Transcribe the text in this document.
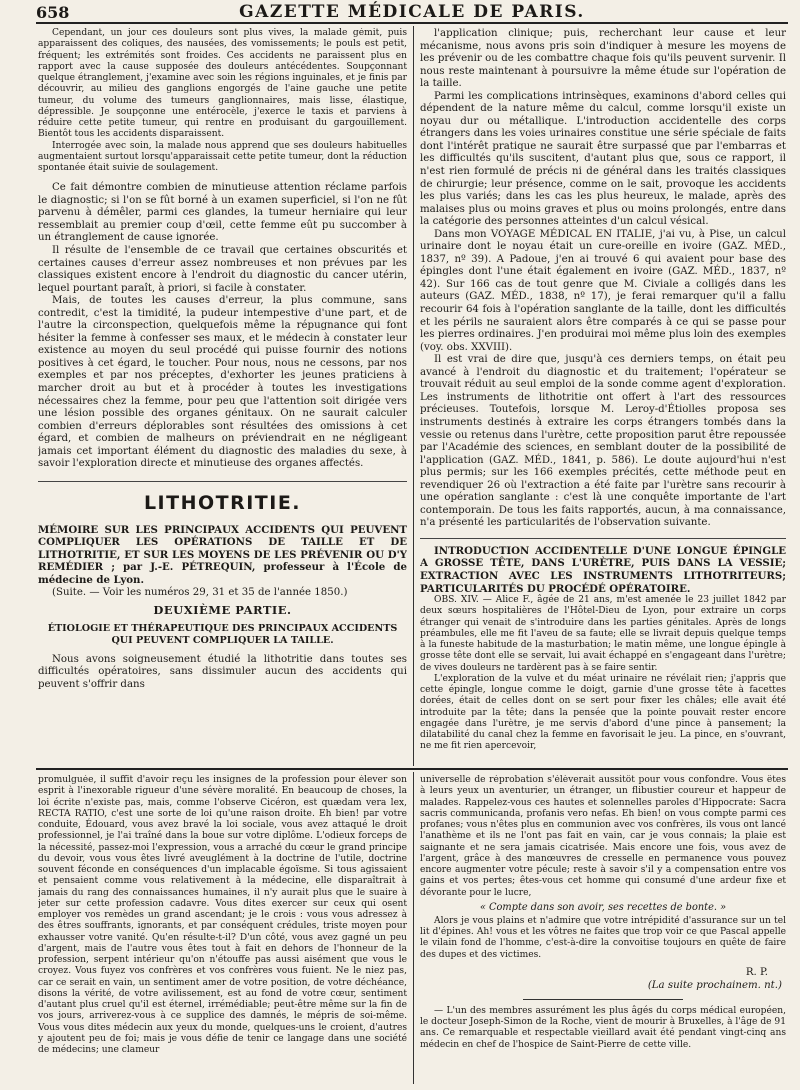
658	GAZETTE MÉDICALE DE PARIS.

Cependant, un jour ces douleurs sont plus vives, la malade gémit, puis apparaissent des coliques, des nausées, des vomissements; le pouls est petit, fréquent; les extrémités sont froides. Ces accidents ne paraissent plus en rapport avec la cause supposée des douleurs antécédentes. Soupçonnant quelque étranglement, j'examine avec soin les régions inguinales, et je finis par découvrir, au milieu des ganglions engorgés de l'aine gauche une petite tumeur, du volume des tumeurs ganglionnaires, mais lisse, élastique, dépressible. Je soupçonne une entérocèle, j'exerce le taxis et parviens à réduire cette petite tumeur, qui rentre en produisant du gargouillement. Bientôt tous les accidents disparaissent.

Interrogée avec soin, la malade nous apprend que ses douleurs habituelles augmentaient surtout lorsqu'apparaissait cette petite tumeur, dont la réduction spontanée était suivie de soulagement.

Ce fait démontre combien de minutieuse attention réclame parfois le diagnostic; si l'on se fût borné à un examen superficiel, si l'on ne fût parvenu à démêler, parmi ces glandes, la tumeur herniaire qui leur ressemblait au premier coup d'œil, cette femme eût pu succomber à un étranglement de cause ignorée.

Il résulte de l'ensemble de ce travail que certaines obscurités et certaines causes d'erreur assez nombreuses et non prévues par les classiques existent encore à l'endroit du diagnostic du cancer utérin, lequel pourtant paraît, à priori, si facile à constater.

Mais, de toutes les causes d'erreur, la plus commune, sans contredit, c'est la timidité, la pudeur intempestive d'une part, et de l'autre la circonspection, quelquefois même la répugnance qui font hésiter la femme à confesser ses maux, et le médecin à constater leur existence au moyen du seul procédé qui puisse fournir des notions positives à cet égard, le toucher. Pour nous, nous ne cessons, par nos exemples et par nos préceptes, d'exhorter les jeunes praticiens à marcher droit au but et à procéder à toutes les investigations nécessaires chez la femme, pour peu que l'attention soit dirigée vers une lésion possible des organes génitaux. On ne saurait calculer combien d'erreurs déplorables sont résultées des omissions à cet égard, et combien de malheurs on préviendrait en ne négligeant jamais cet important élément du diagnostic des maladies du sexe, à savoir l'exploration directe et minutieuse des organes affectés.

LITHOTRITIE.

MÉMOIRE SUR LES PRINCIPAUX ACCIDENTS QUI PEUVENT COMPLIQUER LES OPÉRATIONS DE TAILLE ET DE LITHOTRITIE, ET SUR LES MOYENS DE LES PRÉVENIR OU D'Y REMÉDIER ; par J.-E. PÉTREQUIN, professeur à l'École de médecine de Lyon.

(Suite. — Voir les numéros 29, 31 et 35 de l'année 1850.)

DEUXIÈME PARTIE.
ÉTIOLOGIE ET THÉRAPEUTIQUE DES PRINCIPAUX ACCIDENTS QUI PEUVENT COMPLIQUER LA TAILLE.

Nous avons soigneusement étudié la lithotritie dans toutes ses difficultés opératoires, sans dissimuler aucun des accidents qui peuvent s'offrir dans

l'application clinique; puis, recherchant leur cause et leur mécanisme, nous avons pris soin d'indiquer à mesure les moyens de les prévenir ou de les combattre chaque fois qu'ils peuvent survenir. Il nous reste maintenant à poursuivre la même étude sur l'opération de la taille.

Parmi les complications intrinsèques, examinons d'abord celles qui dépendent de la nature même du calcul, comme lorsqu'il existe un noyau dur ou métallique. L'introduction accidentelle des corps étrangers dans les voies urinaires constitue une série spéciale de faits dont l'intérêt pratique ne saurait être surpassé que par l'embarras et les difficultés qu'ils suscitent, d'autant plus que, sous ce rapport, il n'est rien formulé de précis ni de général dans les traités classiques de chirurgie; leur présence, comme on le sait, provoque les accidents les plus variés; dans les cas les plus heureux, le malade, après des malaises plus ou moins graves et plus ou moins prolongés, entre dans la catégorie des personnes atteintes d'un calcul vésical.

Dans mon VOYAGE MÉDICAL EN ITALIE, j'ai vu, à Pise, un calcul urinaire dont le noyau était un cure-oreille en ivoire (GAZ. MÉD., 1837, nº 39). A Padoue, j'en ai trouvé 6 qui avaient pour base des épingles dont l'une était également en ivoire (GAZ. MÉD., 1837, nº 42). Sur 166 cas de tout genre que M. Civiale a colligés dans les auteurs (GAZ. MÉD., 1838, nº 17), je ferai remarquer qu'il a fallu recourir 64 fois à l'opération sanglante de la taille, dont les difficultés et les périls ne sauraient alors être comparés à ce qui se passe pour les pierres ordinaires. J'en produirai moi même plus loin des exemples (voy. obs. XXVIII).

Il est vrai de dire que, jusqu'à ces derniers temps, on était peu avancé à l'endroit du diagnostic et du traitement; l'opérateur se trouvait réduit au seul emploi de la sonde comme agent d'exploration. Les instruments de lithotritie ont offert à l'art des ressources précieuses. Toutefois, lorsque M. Leroy-d'Étiolles proposa ses instruments destinés à extraire les corps étrangers tombés dans la vessie ou retenus dans l'urètre, cette proposition parut être repoussée par l'Académie des sciences, en semblant douter de la possibilité de l'application (GAZ. MÉD., 1841, p. 586). Le doute aujourd'hui n'est plus permis; sur les 166 exemples précités, cette méthode peut en revendiquer 26 où l'extraction a été faite par l'urètre sans recourir à une opération sanglante : c'est là une conquête importante de l'art contemporain. De tous les faits rapportés, aucun, à ma connaissance, n'a présenté les particularités de l'observation suivante.

INTRODUCTION ACCIDENTELLE D'UNE LONGUE ÉPINGLE A GROSSE TÊTE, DANS L'URÈTRE, PUIS DANS LA VESSIE; EXTRACTION AVEC LES INSTRUMENTS LITHOTRITEURS; PARTICULARITÉS DU PROCÉDÉ OPÉRATOIRE.

OBS. XIV. — Alice F., âgée de 21 ans, m'est amenée le 23 juillet 1842 par deux sœurs hospitalières de l'Hôtel-Dieu de Lyon, pour extraire un corps étranger qui venait de s'introduire dans les parties génitales. Après de longs préambules, elle me fit l'aveu de sa faute; elle se livrait depuis quelque temps à la funeste habitude de la masturbation; le matin même, une longue épingle à grosse tête dont elle se servait, lui avait échappé en s'engageant dans l'urètre; de vives douleurs ne tardèrent pas à se faire sentir.

L'exploration de la vulve et du méat urinaire ne révélait rien; j'appris que cette épingle, longue comme le doigt, garnie d'une grosse tête à facettes dorées, était de celles dont on se sert pour fixer les châles; elle avait été introduite par la tête; dans la pensée que la pointe pouvait rester encore engagée dans l'urètre, je me servis d'abord d'une pince à pansement; la dilatabilité du canal chez la femme en favorisait le jeu. La pince, en s'ouvrant, ne me fit rien apercevoir,

promulguée, il suffit d'avoir reçu les insignes de la profession pour élever son esprit à l'inexorable rigueur d'une sévère moralité. En beaucoup de choses, la loi écrite n'existe pas, mais, comme l'observe Cicéron, est quædam vera lex, RECTA RATIO, c'est une sorte de loi qu'une raison droite. Eh bien! par votre conduite, Édouard, vous avez bravé la loi sociale, vous avez attaqué le droit professionnel, je l'ai traîné dans la boue sur votre diplôme. L'odieux forceps de la nécessité, passez-moi l'expression, vous a arraché du cœur le grand principe du devoir, vous vous êtes livré aveuglément à la doctrine de l'utile, doctrine souvent féconde en conséquences d'un implacable égoïsme. Si tous agissaient et pensaient comme vous relativement à la médecine, elle disparaîtrait à jamais du rang des connaissances humaines, il n'y aurait plus que le suaire à jeter sur cette profession cadavre. Vous dites exercer sur ceux qui osent employer vos remèdes un grand ascendant; je le crois : vous vous adressez à des êtres souffrants, ignorants, et par conséquent crédules, triste moyen pour exhausser votre vanité. Qu'en résulte-t-il? D'un côté, vous avez gagné un peu d'argent, mais de l'autre vous êtes tout à fait en dehors de l'honneur de la profession, serpent intérieur qu'on n'étouffe pas aussi aisément que vous le croyez. Vous fuyez vos confrères et vos confrères vous fuient. Ne le niez pas, car ce serait en vain, un sentiment amer de votre position, de votre déchéance, disons la vérité, de votre avilissement, est au fond de votre cœur, sentiment d'autant plus cruel qu'il est éternel, irrémédiable; peut-être même sur la fin de vos jours, arriverez-vous à ce supplice des damnés, le mépris de soi-même. Vous vous dites médecin aux yeux du monde, quelques-uns le croient, d'autres y ajoutent peu de foi; mais je vous défie de tenir ce langage dans une société de médecins; une clameur

universelle de réprobation s'élèverait aussitôt pour vous confondre. Vous êtes à leurs yeux un aventurier, un étranger, un flibustier coureur et happeur de malades. Rappelez-vous ces hautes et solennelles paroles d'Hippocrate: Sacra sacris communicanda, profanis vero nefas. Eh bien! on vous compte parmi ces profanes; vous n'êtes plus en communion avec vos confrères, ils vous ont lancé l'anathème et ils ne l'ont pas fait en vain, car je vous connais; la plaie est saignante et ne sera jamais cicatrisée. Mais encore une fois, vous avez de l'argent, grâce à des manœuvres de cresselle en permanence vous pouvez encore augmenter votre pécule; reste à savoir s'il y a compensation entre vos gains et vos pertes; êtes-vous cet homme qui consumé d'une ardeur fixe et dévorante pour le lucre,

« Compte dans son avoir, ses recettes de bonte. »

Alors je vous plains et n'admire que votre intrépidité d'assurance sur un tel lit d'épines. Ah! vous et les vôtres ne faites que trop voir ce que Pascal appelle le vilain fond de l'homme, c'est-à-dire la convoitise toujours en quête de faire des dupes et des victimes.

R. P.
(La suite prochainem. nt.)

— L'un des membres assurément les plus âgés du corps médical européen, le docteur Joseph-Simon de la Roche, vient de mourir à Bruxelles, à l'âge de 91 ans. Ce remarquable et respectable vieillard avait été pendant vingt-cinq ans médecin en chef de l'hospice de Saint-Pierre de cette ville.
